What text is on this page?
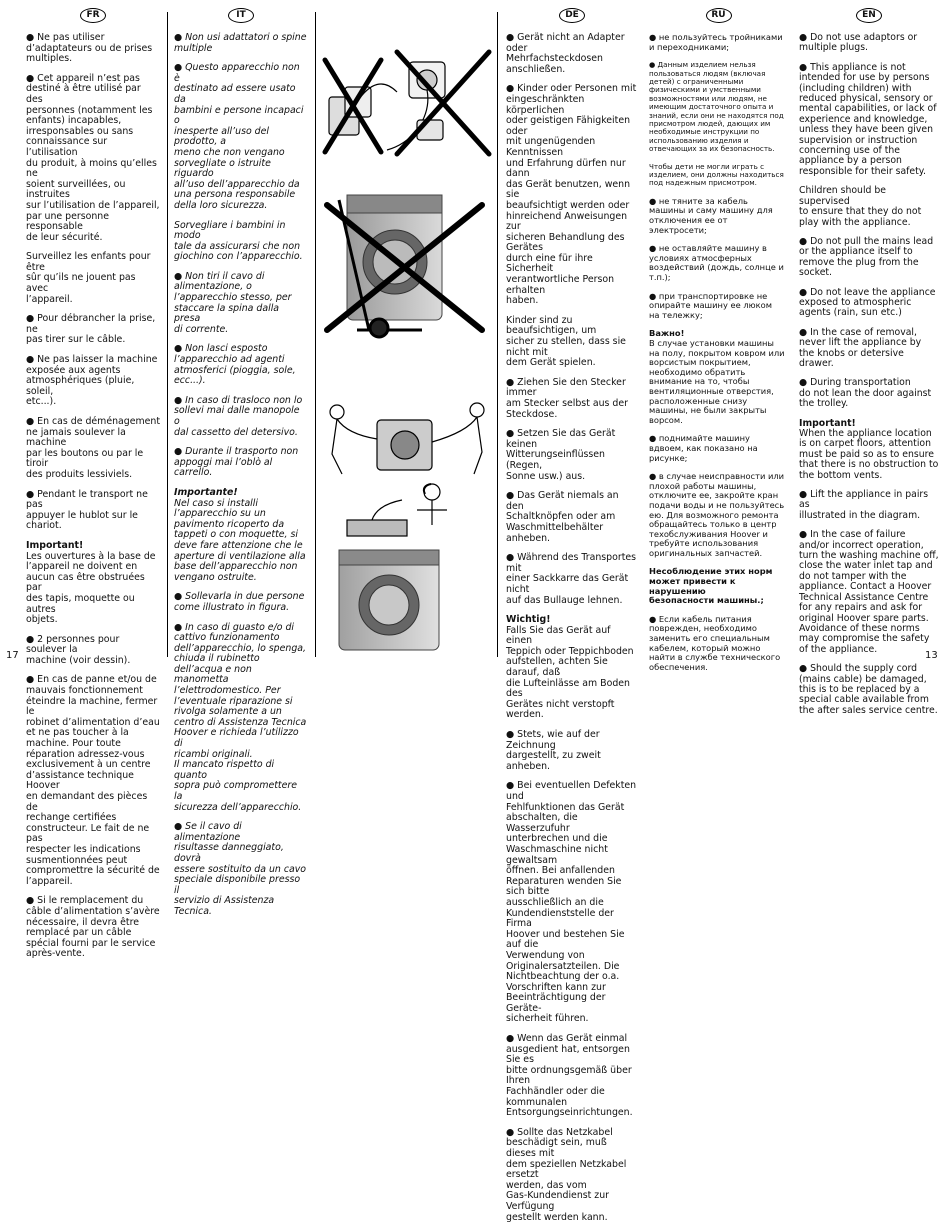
FR

● Ne pas utiliser
d’adaptateurs ou de prises
multiples.

● Cet appareil n’est pas
destiné à être utilisé par des
personnes (notamment les
enfants) incapables,
irresponsables ou sans
connaissance sur l’utilisation
du produit, à moins qu’elles ne
soient surveillées, ou instruites
sur l’utilisation de l’appareil,
par une personne responsable
de leur sécurité.

Surveillez les enfants pour être
sûr qu’ils ne jouent pas avec
l’appareil.

● Pour débrancher la prise, ne
pas tirer sur le câble.

● Ne pas laisser la machine
exposée aux agents
atmosphériques (pluie, soleil,
etc...).

● En cas de déménagement
ne jamais soulever la machine
par les boutons ou par le tiroir
des produits lessiviels.

● Pendant le transport ne pas
appuyer le hublot sur le
chariot.

Important!
Les ouvertures à la base de
l’appareil ne doivent en
aucun cas être obstruées par
des tapis, moquette ou autres
objets.

● 2 personnes pour soulever la
machine (voir dessin).

● En cas de panne et/ou de
mauvais fonctionnement
éteindre la machine, fermer le
robinet d’alimentation d’eau
et ne pas toucher à la
machine. Pour toute
réparation adressez-vous
exclusivement à un centre
d’assistance technique Hoover
en demandant des pièces de
rechange certifiées
constructeur. Le fait de ne pas
respecter les indications
susmentionnées peut
compromettre la sécurité de
l’appareil.

● Si le remplacement du
câble d’alimentation s’avère
nécessaire, il devra être
remplacé par un câble
spécial fourni par le service
après-vente.

IT

● Non usi adattatori o spine
multiple

● Questo apparecchio non è
destinato ad essere usato da
bambini e persone incapaci o
inesperte all’uso del prodotto, a
meno che non vengano
sorvegliate o istruite riguardo
all’uso dell’apparecchio da
una persona responsabile
della loro sicurezza.

Sorvegliare i bambini in modo
tale da assicurarsi che non
giochino con l’apparecchio.

● Non tiri il cavo di
alimentazione, o
l’apparecchio stesso, per
staccare la spina dalla presa
di corrente.

● Non lasci esposto
l’apparecchio ad agenti
atmosferici (pioggia, sole,
ecc...).

● In caso di trasloco non lo
sollevi mai dalle manopole o
dal cassetto del detersivo.

● Durante il trasporto non
appoggi mai l’oblò al
carrello.

Importante!
Nel caso si installi
l’apparecchio su un
pavimento ricoperto da
tappeti o con moquette, si
deve fare attenzione che le
aperture di ventilazione alla
base dell’apparecchio non
vengano ostruite.

● Sollevarla in due persone
come illustrato in figura.

● In caso di guasto e/o di
cattivo funzionamento
dell’apparecchio, lo spenga,
chiuda il rubinetto
dell’acqua e non
manometta
l’elettrodomestico. Per
l’eventuale riparazione si
rivolga solamente a un
centro di Assistenza Tecnica
Hoover e richieda l’utilizzo di
ricambi originali.
Il mancato rispetto di quanto
sopra può compromettere la
sicurezza dell’apparecchio.

● Se il cavo di alimentazione
risultasse danneggiato, dovrà
essere sostituito da un cavo
speciale disponibile presso il
servizio di Assistenza Tecnica.

DE

● Gerät nicht an Adapter oder
Mehrfachsteckdosen anschließen.

● Kinder oder Personen mit
eingeschränkten körperlichen
oder geistigen Fähigkeiten oder
mit ungenügenden Kenntnissen
und Erfahrung dürfen nur dann
das Gerät benutzen, wenn sie
beaufsichtigt werden oder
hinreichend Anweisungen zur
sicheren Behandlung des Gerätes
durch eine für ihre Sicherheit
verantwortliche Person erhalten
haben.

Kinder sind zu beaufsichtigen, um
sicher zu stellen, dass sie nicht mit
dem Gerät spielen.

● Ziehen Sie den Stecker immer
am Stecker selbst aus der
Steckdose.

● Setzen Sie das Gerät keinen
Witterungseinflüssen (Regen,
Sonne usw.) aus.

● Das Gerät niemals an den
Schaltknöpfen oder am
Waschmittelbehälter anheben.

● Während des Transportes mit
einer Sackkarre das Gerät nicht
auf das Bullauge lehnen.

Wichtig!
Falls Sie das Gerät auf einen
Teppich oder Teppichboden
aufstellen, achten Sie darauf, daß
die Lufteinlässe am Boden des
Gerätes nicht verstopft werden.

● Stets, wie auf der Zeichnung
dargestellt, zu zweit anheben.

● Bei eventuellen Defekten und
Fehlfunktionen das Gerät
abschalten, die Wasserzufuhr
unterbrechen und die
Waschmaschine nicht gewaltsam
öffnen. Bei anfallenden
Reparaturen wenden Sie sich bitte
ausschließlich an die
Kundendienststelle der Firma
Hoover und bestehen Sie auf die
Verwendung von
Originalersatzteilen. Die
Nichtbeachtung der o.a.
Vorschriften kann zur
Beeinträchtigung der Geräte-
sicherheit führen.

● Wenn das Gerät einmal
ausgedient hat, entsorgen Sie es
bitte ordnungsgemäß über Ihren
Fachhändler oder die
kommunalen
Entsorgungseinrichtungen.

● Sollte das Netzkabel
beschädigt sein, muß dieses mit
dem speziellen Netzkabel ersetzt
werden, das vom
Gas-Kundendienst zur Verfügung
gestellt werden kann.

RU

● не пользуйтесь тройниками
и переходниками;

● Данным изделием нельзя
пользоваться людям (включая
детей) с ограниченными
физическими и умственными
возможностями или людям, не
имеющим достаточного опыта и
знаний, если они не находятся под
присмотром людей, дающих им
необходимые инструкции по
использованию изделия и
отвечающих за их безопасность.

Чтобы дети не могли играть с
изделием, они должны находиться
под надежным присмотром.

● не тяните за кабель
машины и саму машину для
отключения ее от
электросети;

● не оставляйте машину в
условиях атмосферных
воздействий (дождь, солнце и
т.п.);

● при транспортировке не
опирайте машину ее люком
на тележку;

Важно!
В случае установки машины
на полу, покрытом ковром или
ворсистым покрытием,
необходимо обратить
внимание на то, чтобы
вентиляционные отверстия,
расположенные снизу
машины, не были закрыты
ворсом.

● поднимайте машину
вдвоем, как показано на
рисунке;

● в случае неисправности или
плохой работы машины,
отключите ее, закройте кран
подачи воды и не пользуйтесь
ею. Для возможного ремонта
обращайтесь только в центр
техобслуживания Hoover и
требуйте использования
оригинальных запчастей.

Несоблюдение этих норм
может привести к нарушению
безопасности машины.;

● Если кабель питания
поврежден, необходимо
заменить его специальным
кабелем, который можно
найти в службе технического
обеспечения.

EN

● Do not use adaptors or
multiple plugs.

● This appliance is not
intended for use by persons
(including children) with
reduced physical, sensory or
mental capabilities, or lack of
experience and knowledge,
unless they have been given
supervision or instruction
concerning use of the
appliance by a person
responsible for their safety.

Children should be supervised
to ensure that they do not
play with the appliance.

● Do not pull the mains lead
or the appliance itself to
remove the plug from the
socket.

● Do not leave the appliance
exposed to atmospheric
agents (rain, sun etc.)

● In the case of removal,
never lift the appliance by
the knobs or detersive drawer.

● During transportation
do not lean the door against
the trolley.

Important!
When the appliance location
is on carpet floors, attention
must be paid so as to ensure
that there is no obstruction to
the bottom vents.

● Lift the appliance in pairs as
illustrated in the diagram.

● In the case of failure
and/or incorrect operation,
turn the washing machine off,
close the water inlet tap and
do not tamper with the
appliance. Contact a Hoover
Technical Assistance Centre
for any repairs and ask for
original Hoover spare parts.
Avoidance of these norms
may compromise the safety
of the appliance.

● Should the supply cord
(mains cable) be damaged,
this is to be replaced by a
special cable available from
the after sales service centre.

17	13
